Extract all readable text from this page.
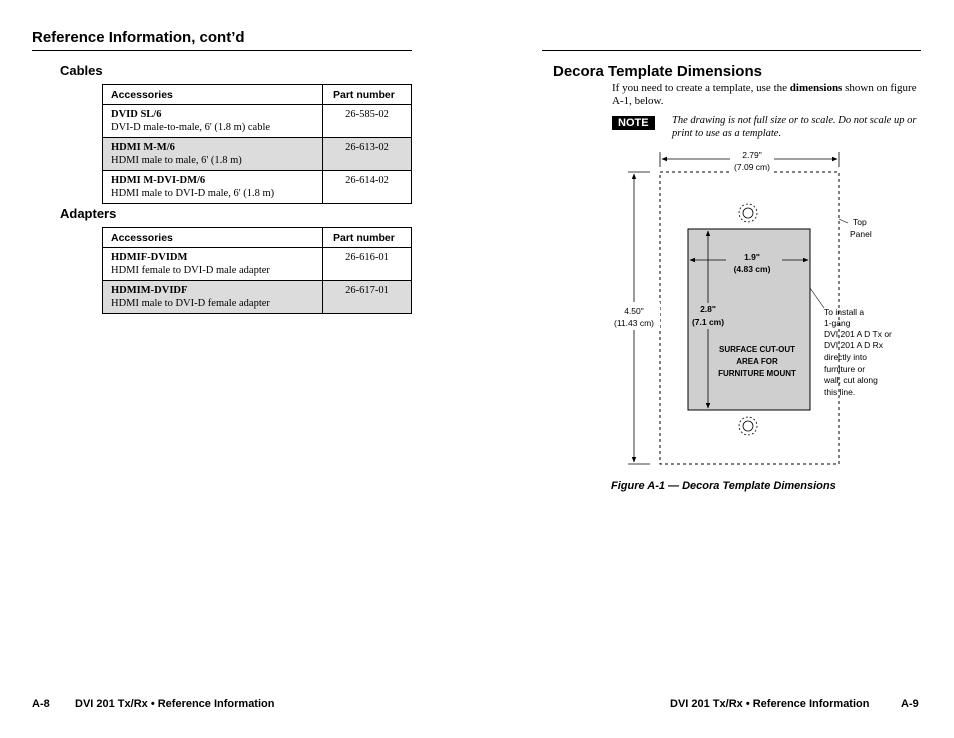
Reference Information, cont’d
Cables
Accessories	Part number

DVID SL/6
DVI-D male-to-male, 6' (1.8 m) cable	26-585-02

HDMI M-M/6
HDMI male to male, 6' (1.8 m)	26-613-02

HDMI M-DVI-DM/6
HDMI male to DVI-D male, 6' (1.8 m)	26-614-02
Adapters
Accessories	Part number

HDMIF-DVIDM
HDMI female to DVI-D male adapter	26-616-01

HDMIM-DVIDF
HDMI male to DVI-D female adapter	26-617-01
A-8 DVI 201 Tx/Rx • Reference Information
Decora Template Dimensions
If you need to create a template, use the dimensions shown on figure A-1, below.
NOTE	The drawing is not full size or to scale. Do not scale up or print to use as a template.
2.79"
(7.09 cm)
4.50"
(11.43 cm)
1.9"
(4.83 cm)
2.8"
(7.1 cm)
SURFACE CUT-OUT
AREA FOR
FURNITURE MOUNT
Top
Panel
To install a
1-gang
DVI 201 A D Tx or
DVI 201 A D Rx
directly into
furniture or
wall, cut along
this line.
Figure A-1 — Decora Template Dimensions
DVI 201 Tx/Rx • Reference Information	A-9
